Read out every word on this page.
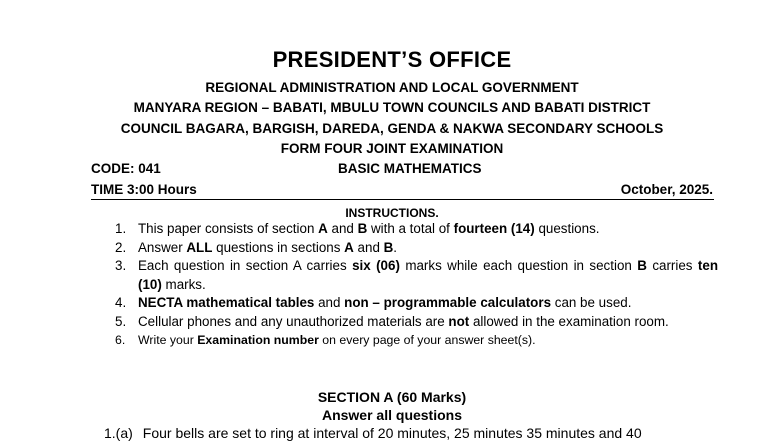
PRESIDENT’S OFFICE
REGIONAL ADMINISTRATION AND LOCAL GOVERNMENT
MANYARA REGION – BABATI, MBULU TOWN COUNCILS AND BABATI DISTRICT
COUNCIL BAGARA, BARGISH, DAREDA, GENDA & NAKWA SECONDARY SCHOOLS
FORM FOUR JOINT EXAMINATION
CODE: 041	BASIC MATHEMATICS
TIME 3:00 Hours	October, 2025.
INSTRUCTIONS.
1. This paper consists of section A and B with a total of fourteen (14) questions.
2. Answer ALL questions in sections A and B.
3. Each question in section A carries six (06) marks while each question in section B carries ten (10) marks.
4. NECTA mathematical tables and non – programmable calculators can be used.
5. Cellular phones and any unauthorized materials are not allowed in the examination room.
6. Write your Examination number on every page of your answer sheet(s).
SECTION A (60 Marks)
Answer all questions
1.(a) Four bells are set to ring at interval of 20 minutes, 25 minutes 35 minutes and 40
